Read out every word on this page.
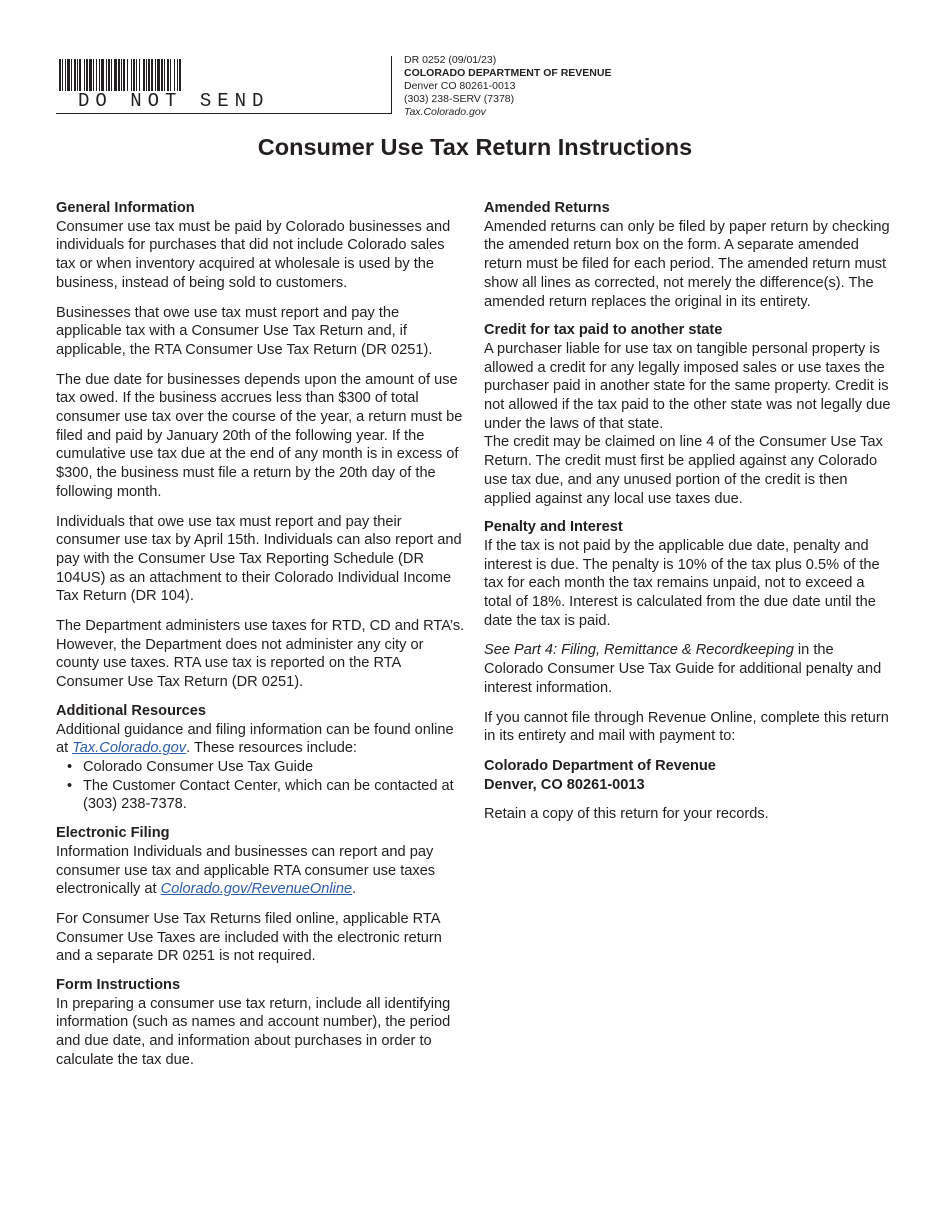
DO NOT SEND
DR 0252 (09/01/23)
COLORADO DEPARTMENT OF REVENUE
Denver CO 80261-0013
(303) 238-SERV (7378)
Tax.Colorado.gov
Consumer Use Tax Return Instructions
General Information

Consumer use tax must be paid by Colorado businesses and individuals for purchases that did not include Colorado sales tax or when inventory acquired at wholesale is used by the business, instead of being sold to customers.

Businesses that owe use tax must report and pay the applicable tax with a Consumer Use Tax Return and, if applicable, the RTA Consumer Use Tax Return (DR 0251).

The due date for businesses depends upon the amount of use tax owed. If the business accrues less than $300 of total consumer use tax over the course of the year, a return must be filed and paid by January 20th of the following year. If the cumulative use tax due at the end of any month is in excess of $300, the business must file a return by the 20th day of the following month.

Individuals that owe use tax must report and pay their consumer use tax by April 15th. Individuals can also report and pay with the Consumer Use Tax Reporting Schedule (DR 104US) as an attachment to their Colorado Individual Income Tax Return (DR 104).

The Department administers use taxes for RTD, CD and RTA’s. However, the Department does not administer any city or county use taxes. RTA use tax is reported on the RTA Consumer Use Tax Return (DR 0251).

Additional Resources
Additional guidance and filing information can be found online at Tax.Colorado.gov. These resources include:
• Colorado Consumer Use Tax Guide
• The Customer Contact Center, which can be contacted at (303) 238-7378.
Electronic Filing

Information Individuals and businesses can report and pay consumer use tax and applicable RTA consumer use taxes electronically at Colorado.gov/RevenueOnline.

For Consumer Use Tax Returns filed online, applicable RTA Consumer Use Taxes are included with the electronic return and a separate DR 0251 is not required.

Form Instructions

In preparing a consumer use tax return, include all identifying information (such as names and account number), the period and due date, and information about purchases in order to calculate the tax due.

Amended Returns

Amended returns can only be filed by paper return by checking the amended return box on the form. A separate amended return must be filed for each period. The amended return must show all lines as corrected, not merely the difference(s). The amended return replaces the original in its entirety.

Credit for tax paid to another state
A purchaser liable for use tax on tangible personal property is allowed a credit for any legally imposed sales or use taxes the purchaser paid in another state for the same property. Credit is not allowed if the tax paid to the other state was not legally due under the laws of that state.

The credit may be claimed on line 4 of the Consumer Use Tax Return. The credit must first be applied against any Colorado use tax due, and any unused portion of the credit is then applied against any local use taxes due.

Penalty and Interest

If the tax is not paid by the applicable due date, penalty and interest is due. The penalty is 10% of the tax plus 0.5% of the tax for each month the tax remains unpaid, not to exceed a total of 18%. Interest is calculated from the due date until the date the tax is paid.

See Part 4: Filing, Remittance & Recordkeeping in the Colorado Consumer Use Tax Guide for additional penalty and interest information.

If you cannot file through Revenue Online, complete this return in its entirety and mail with payment to:

Colorado Department of Revenue
Denver, CO 80261-0013

Retain a copy of this return for your records.
